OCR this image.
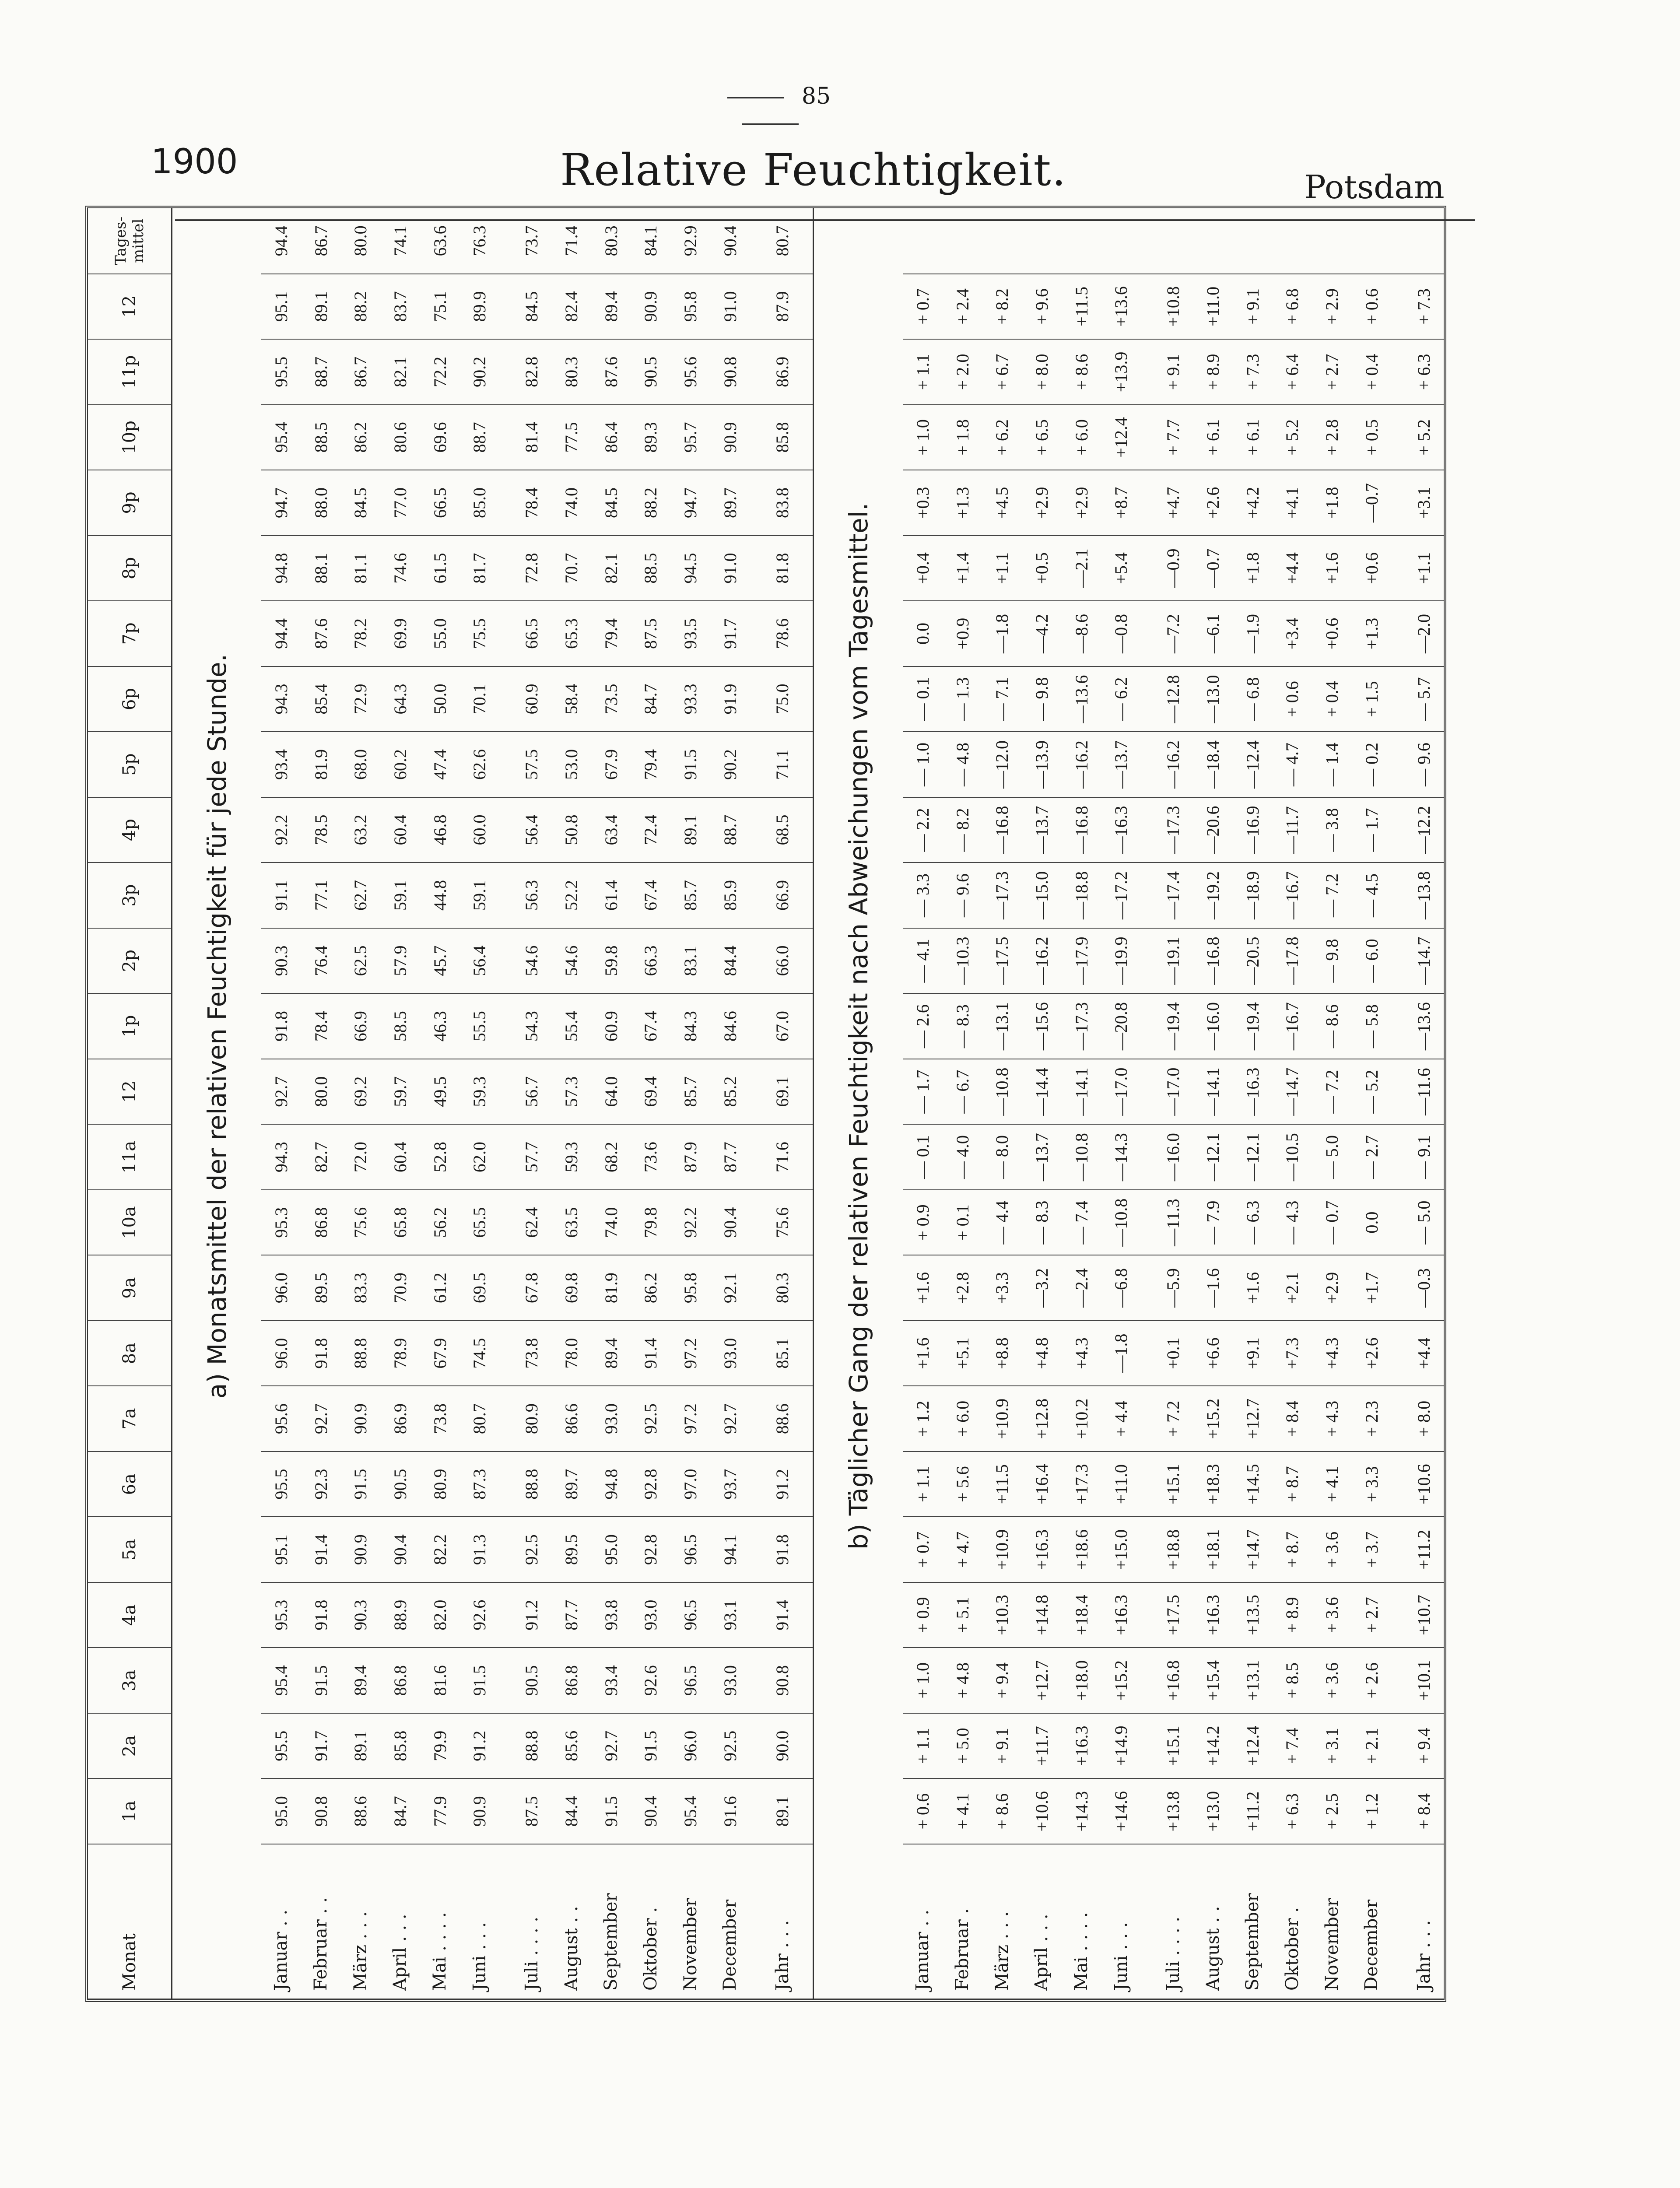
85
1900	Relative Feuchtigkeit.	Potsdam
Monat	1a	2a	3a	4a	5a	6a	7a	8a	9a	10a	11a	12	1p	2p	3p	4p	5p	6p	7p	8p	9p	10p	11p	12	Tages-mittel
	a) Monatsmittel der relativen Feuchtigkeit für jede Stunde.																								
Januar . .	95.0	95.5	95.4	95.3	95.1	95.5	95.6	96.0	96.0	95.3	94.3	92.7	91.8	90.3	91.1	92.2	93.4	94.3	94.4	94.8	94.7	95.4	95.5	95.1	94.4
Februar . .	90.8	91.7	91.5	91.8	91.4	92.3	92.7	91.8	89.5	86.8	82.7	80.0	78.4	76.4	77.1	78.5	81.9	85.4	87.6	88.1	88.0	88.5	88.7	89.1	86.7
März . . .	88.6	89.1	89.4	90.3	90.9	91.5	90.9	88.8	83.3	75.6	72.0	69.2	66.9	62.5	62.7	63.2	68.0	72.9	78.2	81.1	84.5	86.2	86.7	88.2	80.0
April . . .	84.7	85.8	86.8	88.9	90.4	90.5	86.9	78.9	70.9	65.8	60.4	59.7	58.5	57.9	59.1	60.4	60.2	64.3	69.9	74.6	77.0	80.6	82.1	83.7	74.1
Mai . . . .	77.9	79.9	81.6	82.0	82.2	80.9	73.8	67.9	61.2	56.2	52.8	49.5	46.3	45.7	44.8	46.8	47.4	50.0	55.0	61.5	66.5	69.6	72.2	75.1	63.6
Juni . . .	90.9	91.2	91.5	92.6	91.3	87.3	80.7	74.5	69.5	65.5	62.0	59.3	55.5	56.4	59.1	60.0	62.6	70.1	75.5	81.7	85.0	88.7	90.2	89.9	76.3

Juli . . . .	87.5	88.8	90.5	91.2	92.5	88.8	80.9	73.8	67.8	62.4	57.7	56.7	54.3	54.6	56.3	56.4	57.5	60.9	66.5	72.8	78.4	81.4	82.8	84.5	73.7
August . .	84.4	85.6	86.8	87.7	89.5	89.7	86.6	78.0	69.8	63.5	59.3	57.3	55.4	54.6	52.2	50.8	53.0	58.4	65.3	70.7	74.0	77.5	80.3	82.4	71.4
September	91.5	92.7	93.4	93.8	95.0	94.8	93.0	89.4	81.9	74.0	68.2	64.0	60.9	59.8	61.4	63.4	67.9	73.5	79.4	82.1	84.5	86.4	87.6	89.4	80.3
Oktober .	90.4	91.5	92.6	93.0	92.8	92.8	92.5	91.4	86.2	79.8	73.6	69.4	67.4	66.3	67.4	72.4	79.4	84.7	87.5	88.5	88.2	89.3	90.5	90.9	84.1
November	95.4	96.0	96.5	96.5	96.5	97.0	97.2	97.2	95.8	92.2	87.9	85.7	84.3	83.1	85.7	89.1	91.5	93.3	93.5	94.5	94.7	95.7	95.6	95.8	92.9
December	91.6	92.5	93.0	93.1	94.1	93.7	92.7	93.0	92.1	90.4	87.7	85.2	84.6	84.4	85.9	88.7	90.2	91.9	91.7	91.0	89.7	90.9	90.8	91.0	90.4

Jahr . . .	89.1	90.0	90.8	91.4	91.8	91.2	88.6	85.1	80.3	75.6	71.6	69.1	67.0	66.0	66.9	68.5	71.1	75.0	78.6	81.8	83.8	85.8	86.9	87.9	80.7

	b) Täglicher Gang der relativen Feuchtigkeit nach Abweichungen vom Tagesmittel.																								
Januar . .	+ 0.6	+ 1.1	+ 1.0	+ 0.9	+ 0.7	+ 1.1	+ 1.2	+1.6	+1.6	+ 0.9	— 0.1	— 1.7	— 2.6	— 4.1	— 3.3	— 2.2	— 1.0	— 0.1	0.0	+0.4	+0.3	+ 1.0	+ 1.1	+ 0.7	
Februar .	+ 4.1	+ 5.0	+ 4.8	+ 5.1	+ 4.7	+ 5.6	+ 6.0	+5.1	+2.8	+ 0.1	— 4.0	— 6.7	— 8.3	—10.3	— 9.6	— 8.2	— 4.8	— 1.3	+0.9	+1.4	+1.3	+ 1.8	+ 2.0	+ 2.4	
März . . .	+ 8.6	+ 9.1	+ 9.4	+10.3	+10.9	+11.5	+10.9	+8.8	+3.3	— 4.4	— 8.0	—10.8	—13.1	—17.5	—17.3	—16.8	—12.0	— 7.1	—1.8	+1.1	+4.5	+ 6.2	+ 6.7	+ 8.2	
April . . .	+10.6	+11.7	+12.7	+14.8	+16.3	+16.4	+12.8	+4.8	—3.2	— 8.3	—13.7	—14.4	—15.6	—16.2	—15.0	—13.7	—13.9	— 9.8	—4.2	+0.5	+2.9	+ 6.5	+ 8.0	+ 9.6	
Mai . . . .	+14.3	+16.3	+18.0	+18.4	+18.6	+17.3	+10.2	+4.3	—2.4	— 7.4	—10.8	—14.1	—17.3	—17.9	—18.8	—16.8	—16.2	—13.6	—8.6	—2.1	+2.9	+ 6.0	+ 8.6	+11.5	
Juni . . .	+14.6	+14.9	+15.2	+16.3	+15.0	+11.0	+ 4.4	—1.8	—6.8	—10.8	—14.3	—17.0	—20.8	—19.9	—17.2	—16.3	—13.7	— 6.2	—0.8	+5.4	+8.7	+12.4	+13.9	+13.6	

Juli . . . .	+13.8	+15.1	+16.8	+17.5	+18.8	+15.1	+ 7.2	+0.1	—5.9	—11.3	—16.0	—17.0	—19.4	—19.1	—17.4	—17.3	—16.2	—12.8	—7.2	—0.9	+4.7	+ 7.7	+ 9.1	+10.8	
August . .	+13.0	+14.2	+15.4	+16.3	+18.1	+18.3	+15.2	+6.6	—1.6	— 7.9	—12.1	—14.1	—16.0	—16.8	—19.2	—20.6	—18.4	—13.0	—6.1	—0.7	+2.6	+ 6.1	+ 8.9	+11.0	
September	+11.2	+12.4	+13.1	+13.5	+14.7	+14.5	+12.7	+9.1	+1.6	— 6.3	—12.1	—16.3	—19.4	—20.5	—18.9	—16.9	—12.4	— 6.8	—1.9	+1.8	+4.2	+ 6.1	+ 7.3	+ 9.1	
Oktober .	+ 6.3	+ 7.4	+ 8.5	+ 8.9	+ 8.7	+ 8.7	+ 8.4	+7.3	+2.1	— 4.3	—10.5	—14.7	—16.7	—17.8	—16.7	—11.7	— 4.7	+ 0.6	+3.4	+4.4	+4.1	+ 5.2	+ 6.4	+ 6.8	
November	+ 2.5	+ 3.1	+ 3.6	+ 3.6	+ 3.6	+ 4.1	+ 4.3	+4.3	+2.9	— 0.7	— 5.0	— 7.2	— 8.6	— 9.8	— 7.2	— 3.8	— 1.4	+ 0.4	+0.6	+1.6	+1.8	+ 2.8	+ 2.7	+ 2.9	
December	+ 1.2	+ 2.1	+ 2.6	+ 2.7	+ 3.7	+ 3.3	+ 2.3	+2.6	+1.7	0.0	— 2.7	— 5.2	— 5.8	— 6.0	— 4.5	— 1.7	— 0.2	+ 1.5	+1.3	+0.6	—0.7	+ 0.5	+ 0.4	+ 0.6	

Jahr . . .	+ 8.4	+ 9.4	+10.1	+10.7	+11.2	+10.6	+ 8.0	+4.4	—0.3	— 5.0	— 9.1	—11.6	—13.6	—14.7	—13.8	—12.2	— 9.6	— 5.7	—2.0	+1.1	+3.1	+ 5.2	+ 6.3	+ 7.3	
